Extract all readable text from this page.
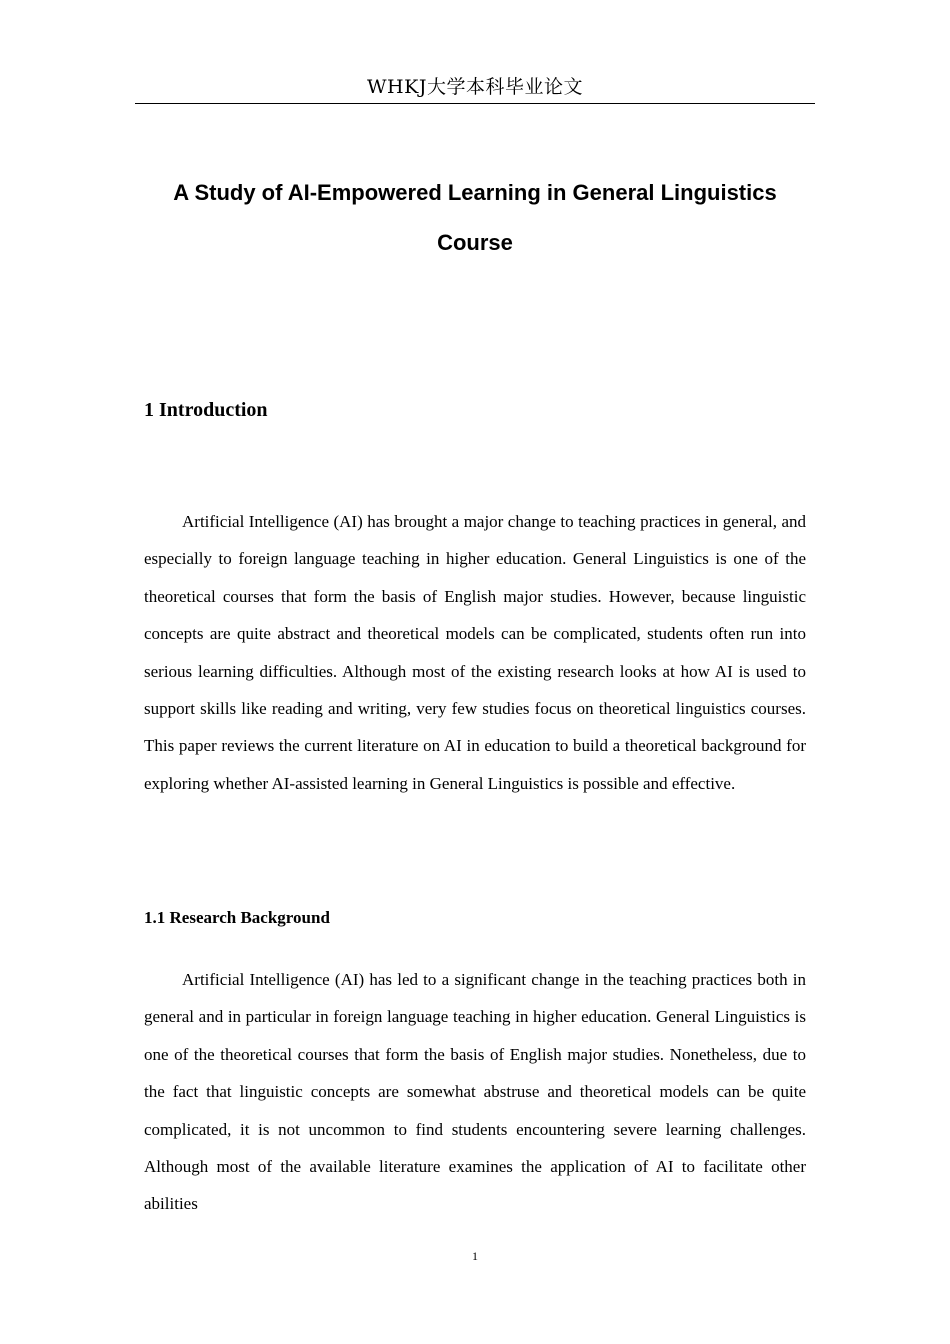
WHKJ大学本科毕业论文
A Study of AI-Empowered Learning in General Linguistics Course
1 Introduction

Artificial Intelligence (AI) has brought a major change to teaching practices in general, and especially to foreign language teaching in higher education. General Linguistics is one of the theoretical courses that form the basis of English major studies. However, because linguistic concepts are quite abstract and theoretical models can be complicated, students often run into serious learning difficulties. Although most of the existing research looks at how AI is used to support skills like reading and writing, very few studies focus on theoretical linguistics courses. This paper reviews the current literature on AI in education to build a theoretical background for exploring whether AI-assisted learning in General Linguistics is possible and effective.

1.1 Research Background

Artificial Intelligence (AI) has led to a significant change in the teaching practices both in general and in particular in foreign language teaching in higher education. General Linguistics is one of the theoretical courses that form the basis of English major studies. Nonetheless, due to the fact that linguistic concepts are somewhat abstruse and theoretical models can be quite complicated, it is not uncommon to find students encountering severe learning challenges. Although most of the available literature examines the application of AI to facilitate other abilities

1
